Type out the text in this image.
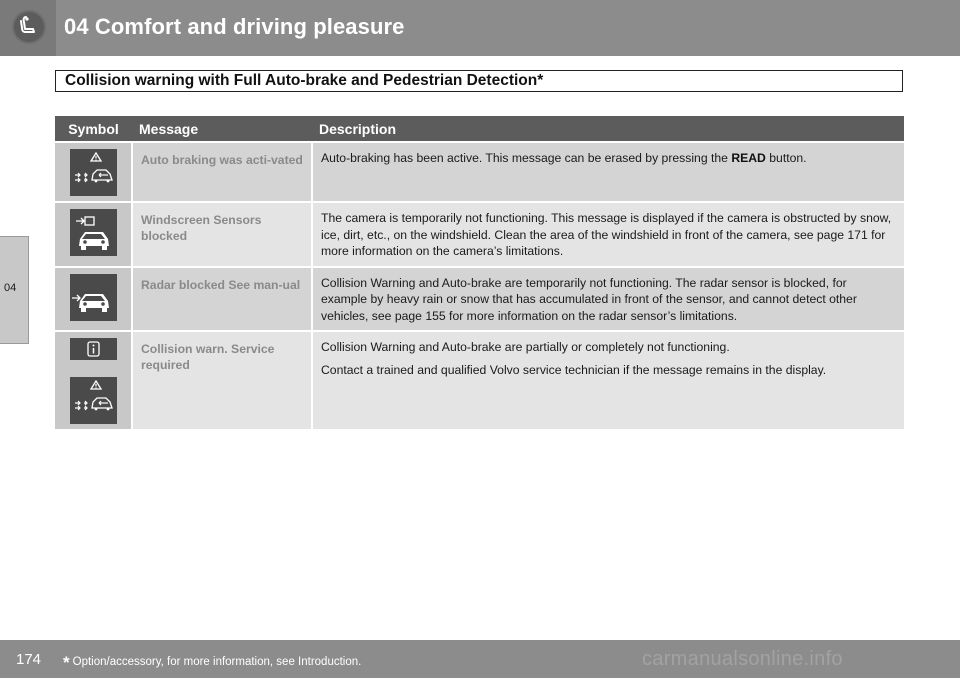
04 Comfort and driving pleasure
Collision warning with Full Auto-brake and Pedestrian Detection*
04
Symbol	Message	Description

	Auto braking was acti-vated	Auto-braking has been active. This message can be erased by pressing the READ button.

	Windscreen Sensors blocked	The camera is temporarily not functioning. This message is displayed if the camera is obstructed by snow, ice, dirt, etc., on the windshield. Clean the area of the windshield in front of the camera, see page 171 for more information on the camera’s limitations.

	Radar blocked See man-ual	Collision Warning and Auto-brake are temporarily not functioning. The radar sensor is blocked, for example by heavy rain or snow that has accumulated in front of the sensor, and cannot detect other vehicles, see page 155 for more information on the radar sensor’s limitations.

	Collision warn. Service required	Collision Warning and Auto-brake are partially or completely not functioning.

Contact a trained and qualified Volvo service technician if the message remains in the display.

174 * Option/accessory, for more information, see Introduction.	carmanualsonline.info
